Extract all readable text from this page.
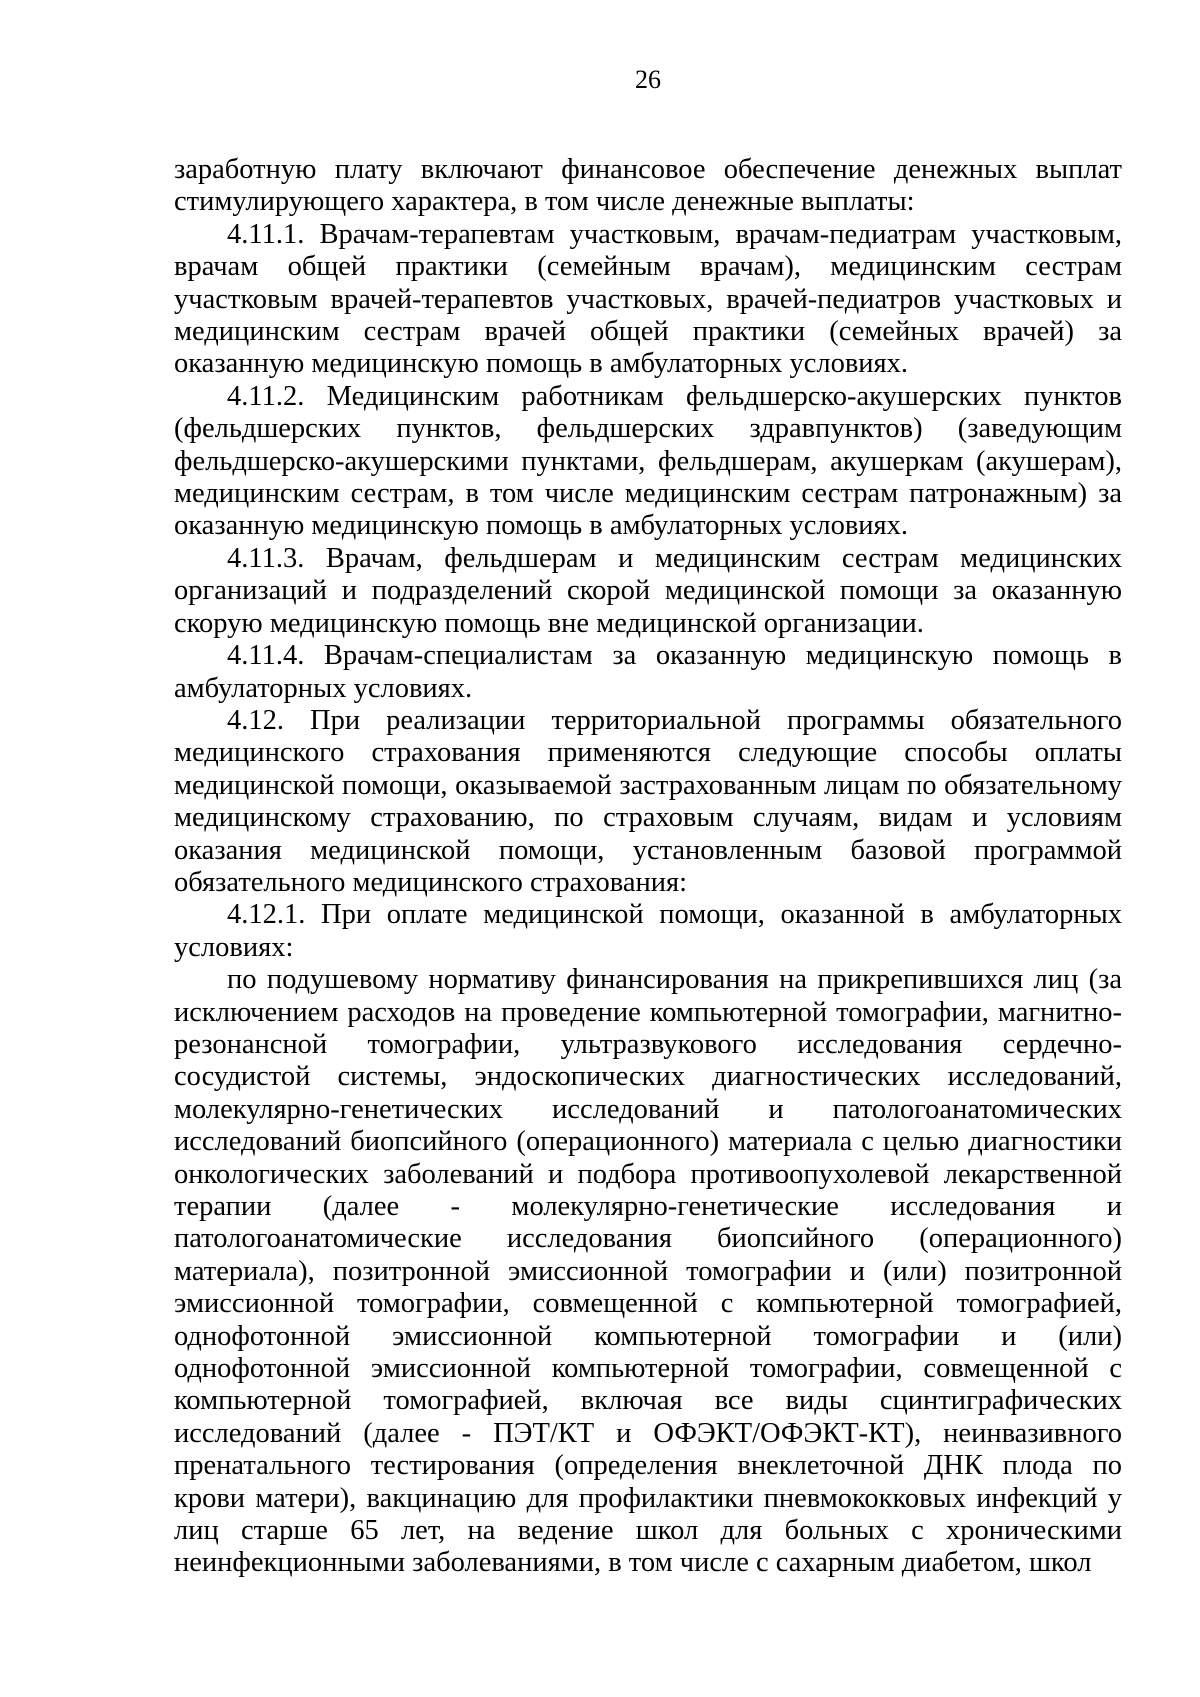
26

заработную плату включают финансовое обеспечение денежных выплат стимулирующего характера, в том числе денежные выплаты:

4.11.1. Врачам-терапевтам участковым, врачам-педиатрам участковым, врачам общей практики (семейным врачам), медицинским сестрам участковым врачей-терапевтов участковых, врачей-педиатров участковых и медицинским сестрам врачей общей практики (семейных врачей) за оказанную медицинскую помощь в амбулаторных условиях.

4.11.2. Медицинским работникам фельдшерско-акушерских пунктов (фельдшерских пунктов, фельдшерских здравпунктов) (заведующим фельдшерско-акушерскими пунктами, фельдшерам, акушеркам (акушерам), медицинским сестрам, в том числе медицинским сестрам патронажным) за оказанную медицинскую помощь в амбулаторных условиях.

4.11.3. Врачам, фельдшерам и медицинским сестрам медицинских организаций и подразделений скорой медицинской помощи за оказанную скорую медицинскую помощь вне медицинской организации.

4.11.4. Врачам-специалистам за оказанную медицинскую помощь в амбулаторных условиях.

4.12. При реализации территориальной программы обязательного медицинского страхования применяются следующие способы оплаты медицинской помощи, оказываемой застрахованным лицам по обязательному медицинскому страхованию, по страховым случаям, видам и условиям оказания медицинской помощи, установленным базовой программой обязательного медицинского страхования:

4.12.1. При оплате медицинской помощи, оказанной в амбулаторных условиях:

по подушевому нормативу финансирования на прикрепившихся лиц (за исключением расходов на проведение компьютерной томографии, магнитно-резонансной томографии, ультразвукового исследования сердечно-сосудистой системы, эндоскопических диагностических исследований, молекулярно-генетических исследований и патологоанатомических исследований биопсийного (операционного) материала с целью диагностики онкологических заболеваний и подбора противоопухолевой лекарственной терапии (далее - молекулярно-генетические исследования и патологоанатомические исследования биопсийного (операционного) материала), позитронной эмиссионной томографии и (или) позитронной эмиссионной томографии, совмещенной с компьютерной томографией, однофотонной эмиссионной компьютерной томографии и (или) однофотонной эмиссионной компьютерной томографии, совмещенной с компьютерной томографией, включая все виды сцинтиграфических исследований (далее - ПЭТ/КТ и ОФЭКТ/ОФЭКТ-КТ), неинвазивного пренатального тестирования (определения внеклеточной ДНК плода по крови матери), вакцинацию для профилактики пневмококковых инфекций у лиц старше 65 лет, на ведение школ для больных с хроническими неинфекционными заболеваниями, в том числе с сахарным диабетом, школ
